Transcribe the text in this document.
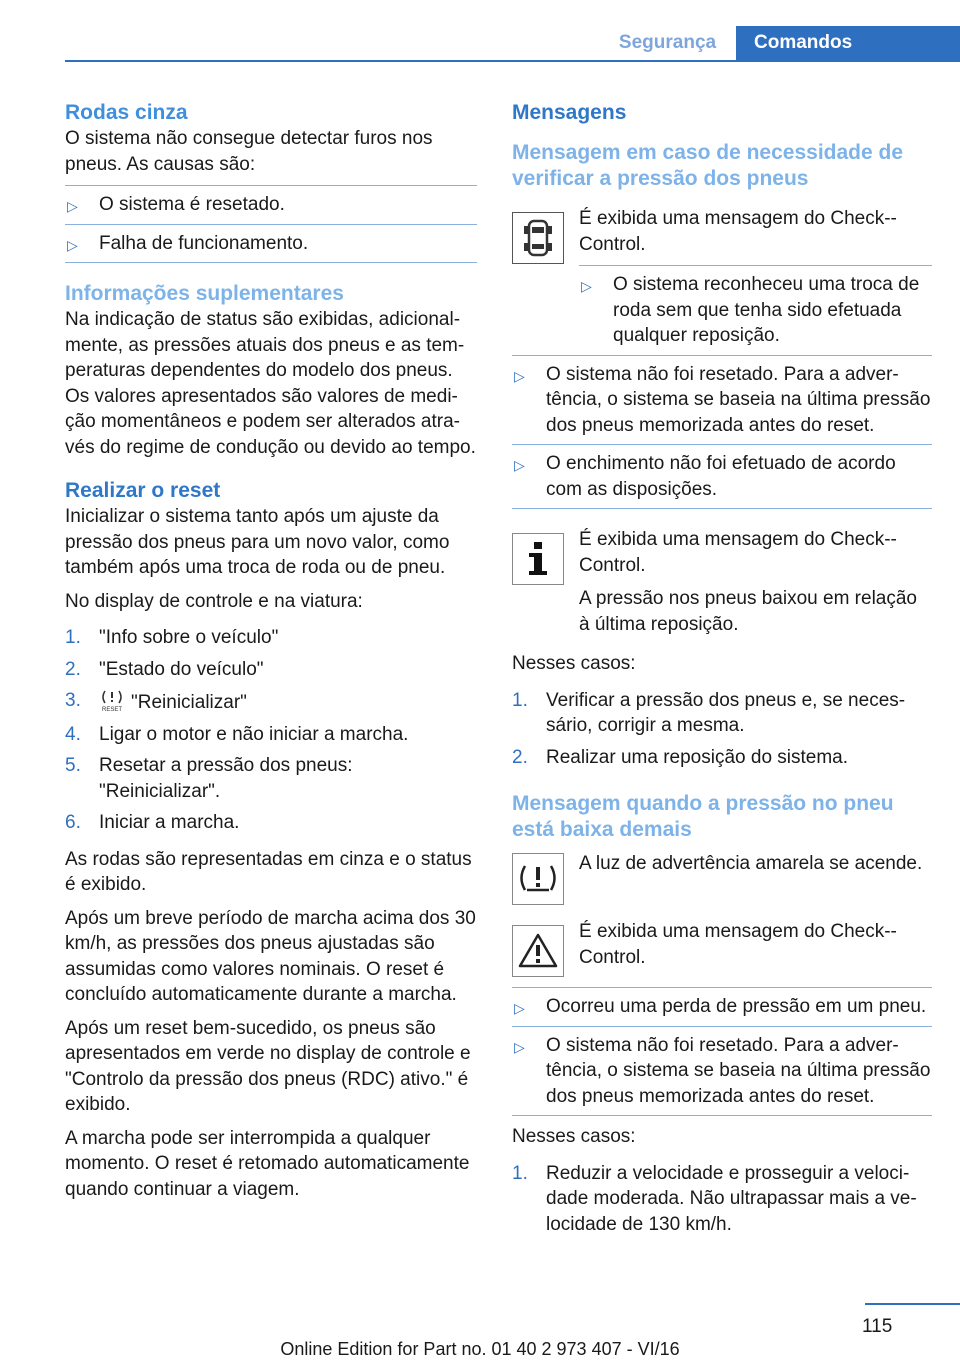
Segurança	Comandos
Rodas cinza

O sistema não consegue detectar furos nos pneus. As causas são:

▷ O sistema é resetado.
▷ Falha de funcionamento.
Informações suplementares

Na indicação de status são exibidas, adicionalmente, as pressões atuais dos pneus e as temperaturas dependentes do modelo dos pneus. Os valores apresentados são valores de medição momentâneos e podem ser alterados através do regime de condução ou devido ao tempo.

Realizar o reset

Inicializar o sistema tanto após um ajuste da pressão dos pneus para um novo valor, como também após uma troca de roda ou de pneu.

No display de controle e na viatura:

1. "Info sobre o veículo"
2. "Estado do veículo"
3.	RESET "Reinicializar"
4. Ligar o motor e não iniciar a marcha.
5. Resetar a pressão dos pneus: "Reinicializar".
6. Iniciar a marcha.

As rodas são representadas em cinza e o status é exibido.

Após um breve período de marcha acima dos 30 km/h, as pressões dos pneus ajustadas são assumidas como valores nominais. O reset é concluído automaticamente durante a marcha.

Após um reset bem-sucedido, os pneus são apresentados em verde no display de controle e "Controlo da pressão dos pneus (RDC) ativo." é exibido.

A marcha pode ser interrompida a qualquer momento. O reset é retomado automaticamente quando continuar a viagem.

Mensagens
Mensagem em caso de necessidade de verificar a pressão dos pneus

É exibida uma mensagem do Check-Control.

▷ O sistema reconheceu uma troca de roda sem que tenha sido efetuada qualquer reposição.
▷ O sistema não foi resetado. Para a advertência, o sistema se baseia na última pressão dos pneus memorizada antes do reset.
▷ O enchimento não foi efetuado de acordo com as disposições.

É exibida uma mensagem do Check-Control.

A pressão nos pneus baixou em relação à última reposição.

Nesses casos:

1. Verificar a pressão dos pneus e, se necessário, corrigir a mesma.
2. Realizar uma reposição do sistema.
Mensagem quando a pressão no pneu está baixa demais

A luz de advertência amarela se acende.

É exibida uma mensagem do Check-Control.

▷ Ocorreu uma perda de pressão em um pneu.
▷ O sistema não foi resetado. Para a advertência, o sistema se baseia na última pressão dos pneus memorizada antes do reset.

Nesses casos:

1. Reduzir a velocidade e prosseguir a velocidade moderada. Não ultrapassar mais a velocidade de 130 km/h.
115
Online Edition for Part no. 01 40 2 973 407 - VI/16
